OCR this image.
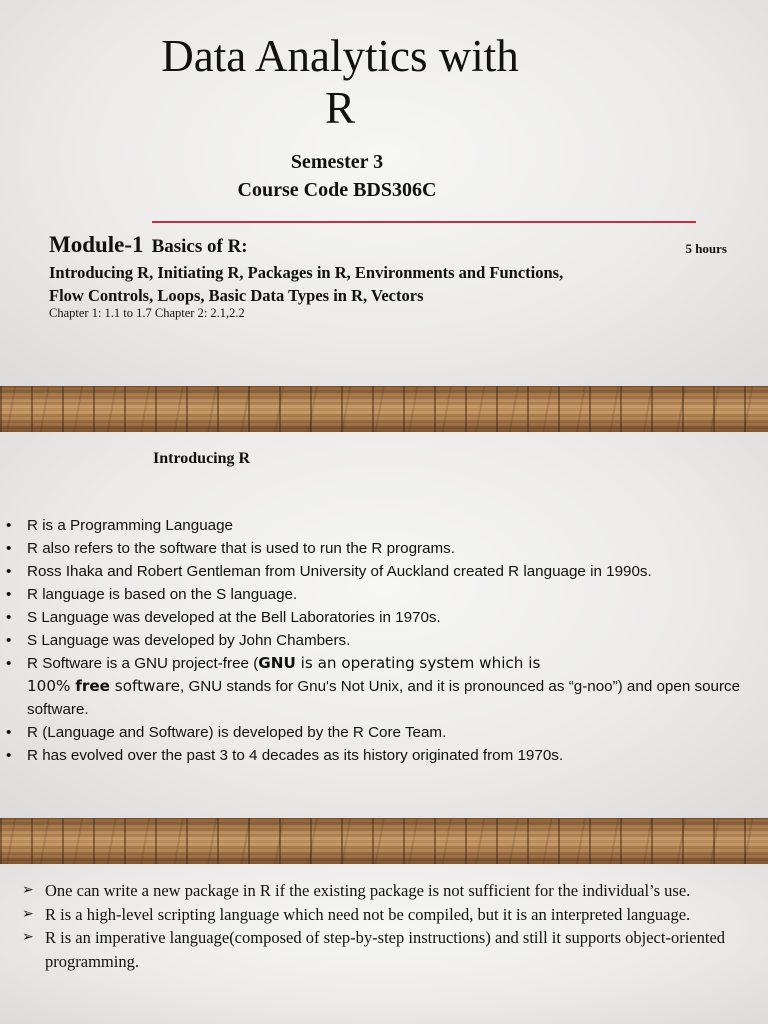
Data Analytics with
R
Semester 3
Course Code BDS306C
Module-1 Basics of R:	5 hours
Introducing R, Initiating R, Packages in R, Environments and Functions,
Flow Controls, Loops, Basic Data Types in R, Vectors
Chapter 1: 1.1 to 1.7 Chapter 2: 2.1,2.2
Introducing R
• R is a Programming Language
• R also refers to the software that is used to run the R programs.
• Ross Ihaka and Robert Gentleman from University of Auckland created R language in 1990s.
• R language is based on the S language.
• S Language was developed at the Bell Laboratories in 1970s.
• S Language was developed by John Chambers.
• R Software is a GNU project-free (GNU is an operating system which is
100% free software, GNU stands for Gnu's Not Unix, and it is pronounced as “g-noo”) and open source software.
• R (Language and Software) is developed by the R Core Team.
• R has evolved over the past 3 to 4 decades as its history originated from 1970s.
➢ One can write a new package in R if the existing package is not sufficient for the individual’s use.
➢ R is a high-level scripting language which need not be compiled, but it is an interpreted language.
➢ R is an imperative language(composed of step-by-step instructions) and still it supports object-oriented programming.
